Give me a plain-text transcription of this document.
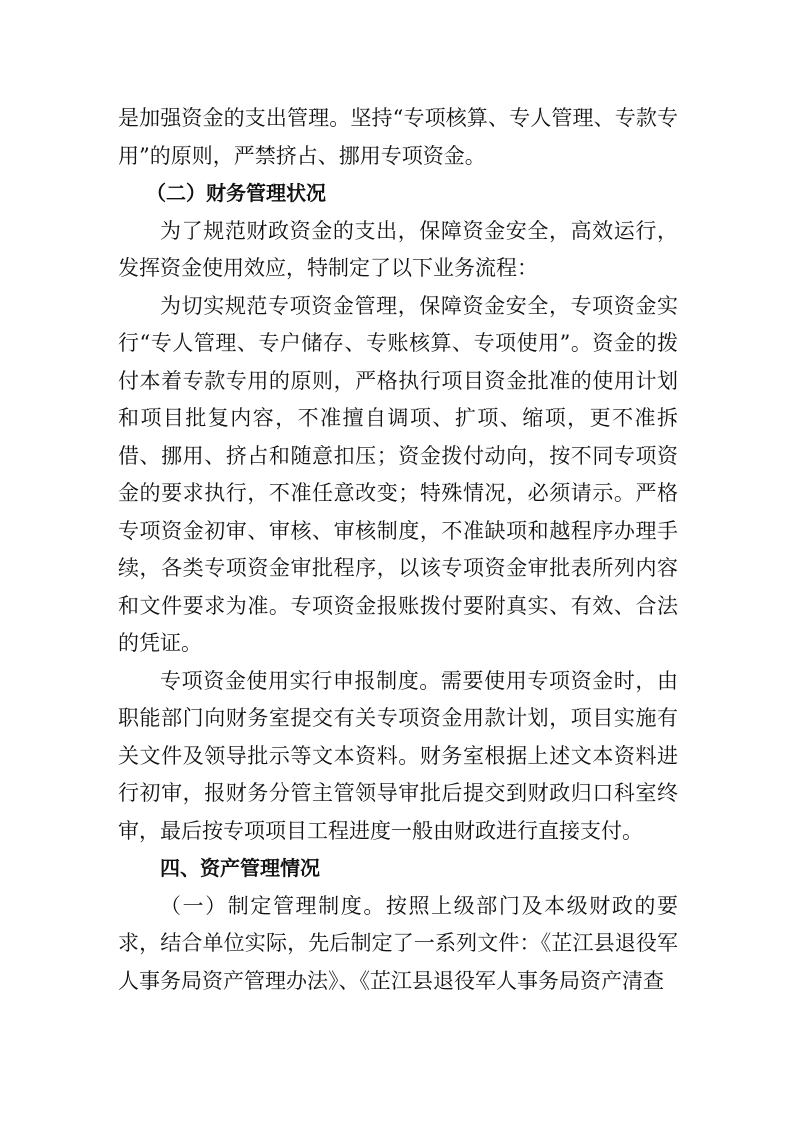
是加强资金的支出管理。坚持“专项核算、专人管理、专款专用”的原则，严禁挤占、挪用专项资金。

（二）财务管理状况

为了规范财政资金的支出，保障资金安全，高效运行，发挥资金使用效应，特制定了以下业务流程：

为切实规范专项资金管理，保障资金安全，专项资金实行“专人管理、专户储存、专账核算、专项使用”。资金的拨付本着专款专用的原则，严格执行项目资金批准的使用计划和项目批复内容，不准擅自调项、扩项、缩项，更不准拆借、挪用、挤占和随意扣压；资金拨付动向，按不同专项资金的要求执行，不准任意改变；特殊情况，必须请示。严格专项资金初审、审核、审核制度，不准缺项和越程序办理手续，各类专项资金审批程序，以该专项资金审批表所列内容和文件要求为准。专项资金报账拨付要附真实、有效、合法的凭证。

专项资金使用实行申报制度。需要使用专项资金时，由职能部门向财务室提交有关专项资金用款计划，项目实施有关文件及领导批示等文本资料。财务室根据上述文本资料进行初审，报财务分管主管领导审批后提交到财政归口科室终审，最后按专项项目工程进度一般由财政进行直接支付。

四、资产管理情况

（一）制定管理制度。按照上级部门及本级财政的要求，结合单位实际，先后制定了一系列文件：《芷江县退役军人事务局资产管理办法》、《芷江县退役军人事务局资产清查
